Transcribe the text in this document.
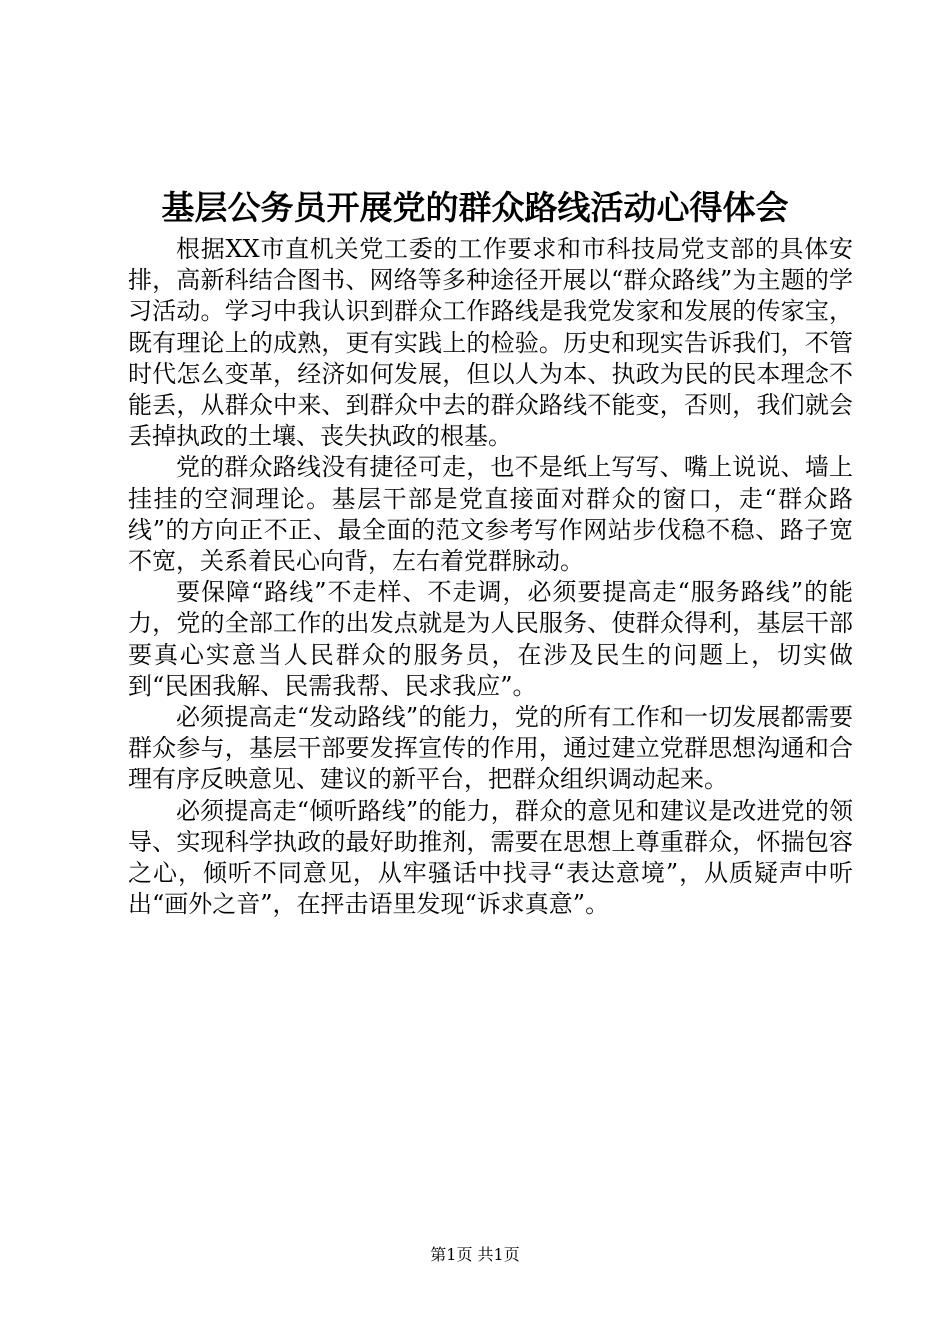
基层公务员开展党的群众路线活动心得体会

根据XX市直机关党工委的工作要求和市科技局党支部的具体安排，高新科结合图书、网络等多种途径开展以“群众路线”为主题的学习活动。学习中我认识到群众工作路线是我党发家和发展的传家宝，既有理论上的成熟，更有实践上的检验。历史和现实告诉我们，不管时代怎么变革，经济如何发展，但以人为本、执政为民的民本理念不能丢，从群众中来、到群众中去的群众路线不能变，否则，我们就会丢掉执政的土壤、丧失执政的根基。

党的群众路线没有捷径可走，也不是纸上写写、嘴上说说、墙上挂挂的空洞理论。基层干部是党直接面对群众的窗口，走“群众路线”的方向正不正、最全面的范文参考写作网站步伐稳不稳、路子宽不宽，关系着民心向背，左右着党群脉动。

要保障“路线”不走样、不走调，必须要提高走“服务路线”的能力，党的全部工作的出发点就是为人民服务、使群众得利，基层干部要真心实意当人民群众的服务员，在涉及民生的问题上，切实做到“民困我解、民需我帮、民求我应”。

必须提高走“发动路线”的能力，党的所有工作和一切发展都需要群众参与，基层干部要发挥宣传的作用，通过建立党群思想沟通和合理有序反映意见、建议的新平台，把群众组织调动起来。

必须提高走“倾听路线”的能力，群众的意见和建议是改进党的领导、实现科学执政的最好助推剂，需要在思想上尊重群众，怀揣包容之心，倾听不同意见，从牢骚话中找寻“表达意境”，从质疑声中听出“画外之音”，在抨击语里发现“诉求真意”。

第1页 共1页
